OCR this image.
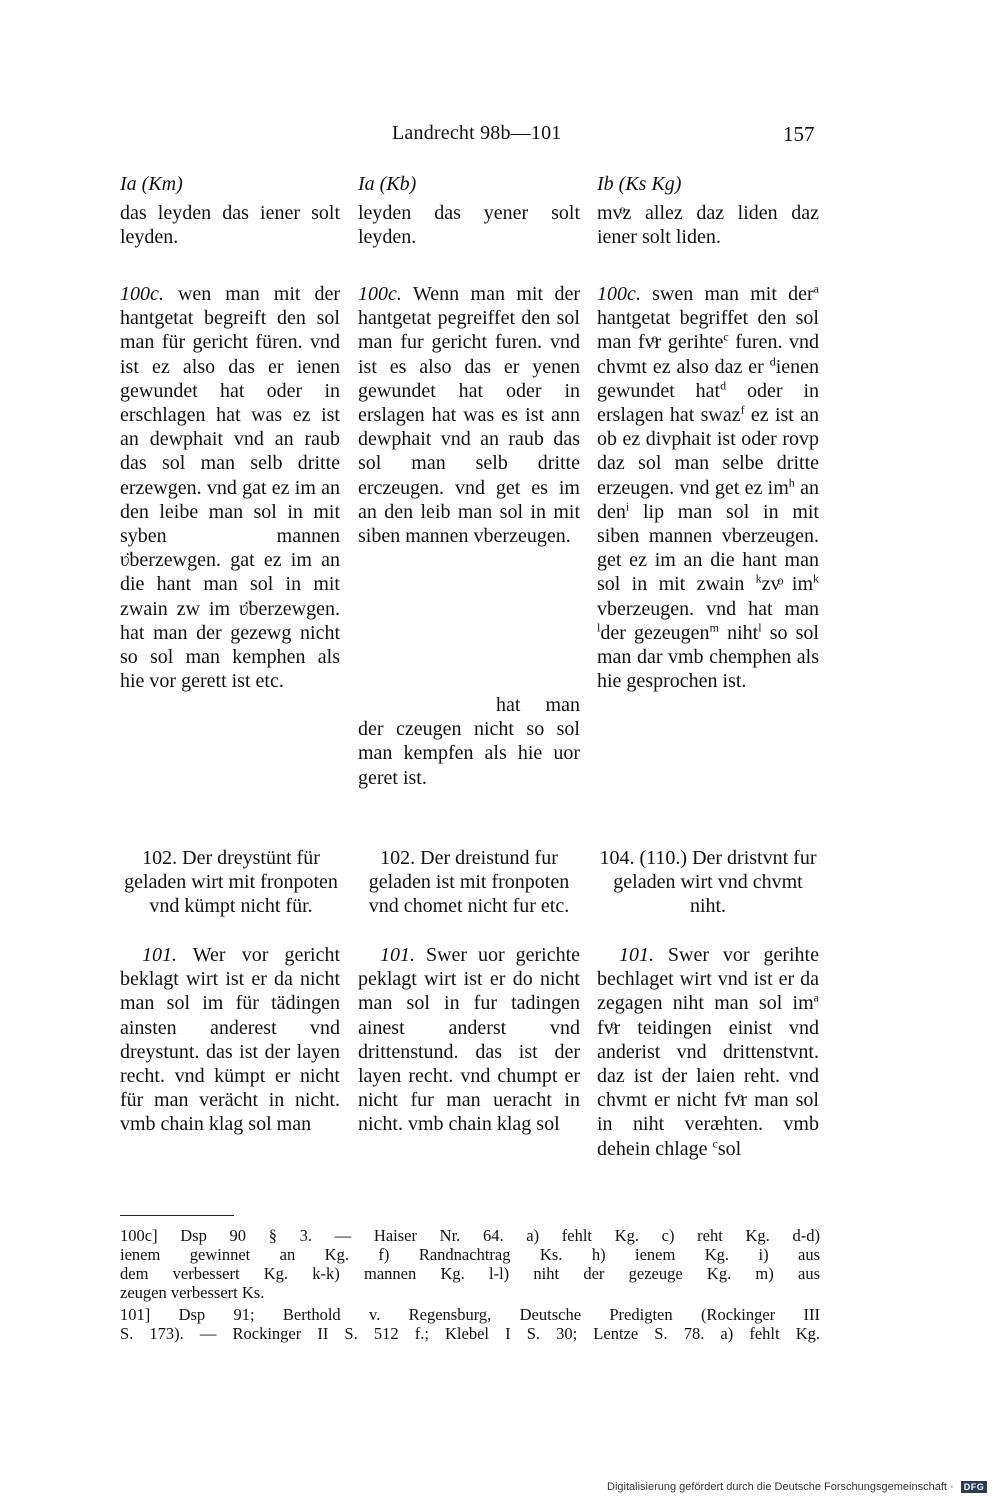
Landrecht 98b—101	157
Ia (Km)
das leyden das iener solt leyden.
100c. wen man mit der hantgetat begreift den sol man für gericht füren. vnd ist ez also das er ienen gewundet hat oder in erschlagen hat was ez ist an dewphait vnd an raub das sol man selb dritte erzewgen. vnd gat ez im an den leibe man sol in mit syben mannen ʋ̈berzewgen. gat ez im an die hant man sol in mit zwain zw im ʋ̈berzewgen. hat man der gezewg nicht so sol man kemphen als hie vor gerett ist etc.
102. Der dreystünt für geladen wirt mit fronpoten vnd kümpt nicht für.
101. Wer vor gericht beklagt wirt ist er da nicht man sol im für tädingen ainsten anderest vnd dreystunt. das ist der layen recht. vnd kümpt er nicht für man verächt in nicht. vmb chain klag sol man
Ia (Kb)
leyden das yener solt leyden.
100c. Wenn man mit der hantgetat pegreiffet den sol man fur gericht furen. vnd ist es also das er yenen gewundet hat oder in erslagen hat was es ist ann dewphait vnd an raub das sol man selb dritte erczeugen. vnd get es im an den leib man sol in mit siben mannen vberzeugen.
hat man der czeugen nicht so sol man kempfen als hie uor geret ist.
102. Der dreistund fur geladen ist mit fronpoten vnd chomet nicht fur etc.
101. Swer uor gerichte peklagt wirt ist er do nicht man sol in fur tadingen ainest anderst vnd drittenstund. das ist der layen recht. vnd chumpt er nicht fur man ueracht in nicht. vmb chain klag sol
Ib (Ks Kg)
mvͦz allez daz liden daz iener solt liden.
100c. swen man mit der$^a$ hantgetat begriffet den sol man fvͦr gerihte$^c$ furen. vnd chvmt ez also daz er $^d$ienen gewundet hat$^d$ oder in erslagen hat swaz$^f$ ez ist an ob ez divphait ist oder rovp daz sol man selbe dritte erzeugen. vnd get ez $im^h$ an den$^i$ lip man sol in mit siben mannen vberzeugen. get ez im an die hant man sol in mit zwain $^k$zvͦ $im^k$ vberzeugen. vnd hat man $^l$der gezeugen$^m$ niht$^l$ so sol man dar vmb chemphen als hie gesprochen ist.
104. (110.) Der dristvnt fur geladen wirt vnd chvmt niht.
101. Swer vor gerihte bechlaget wirt vnd ist er da zegagen niht man sol $im^a$ fvͦr teidingen einist vnd anderist vnd drittenstvnt. daz ist der laien reht. vnd chvmt er nicht fvͦr man sol in niht veræhten. vmb dehein chlage $^c$sol
100c] Dsp 90 § 3. — Haiser Nr. 64. a) fehlt Kg. c) reht Kg. d-d)
ienem gewinnet an Kg. f) Randnachtrag Ks. h) ienem Kg. i) aus
dem verbessert Kg. k-k) mannen Kg. l-l) niht der gezeuge Kg. m) aus
zeugen verbessert Ks.
101] Dsp 91; Berthold v. Regensburg, Deutsche Predigten (Rockinger III
S. 173). — Rockinger II S. 512 f.; Klebel I S. 30; Lentze S. 78. a) fehlt Kg.
Digitalisierung gefördert durch die Deutsche Forschungsgemeinschaft · DFG
